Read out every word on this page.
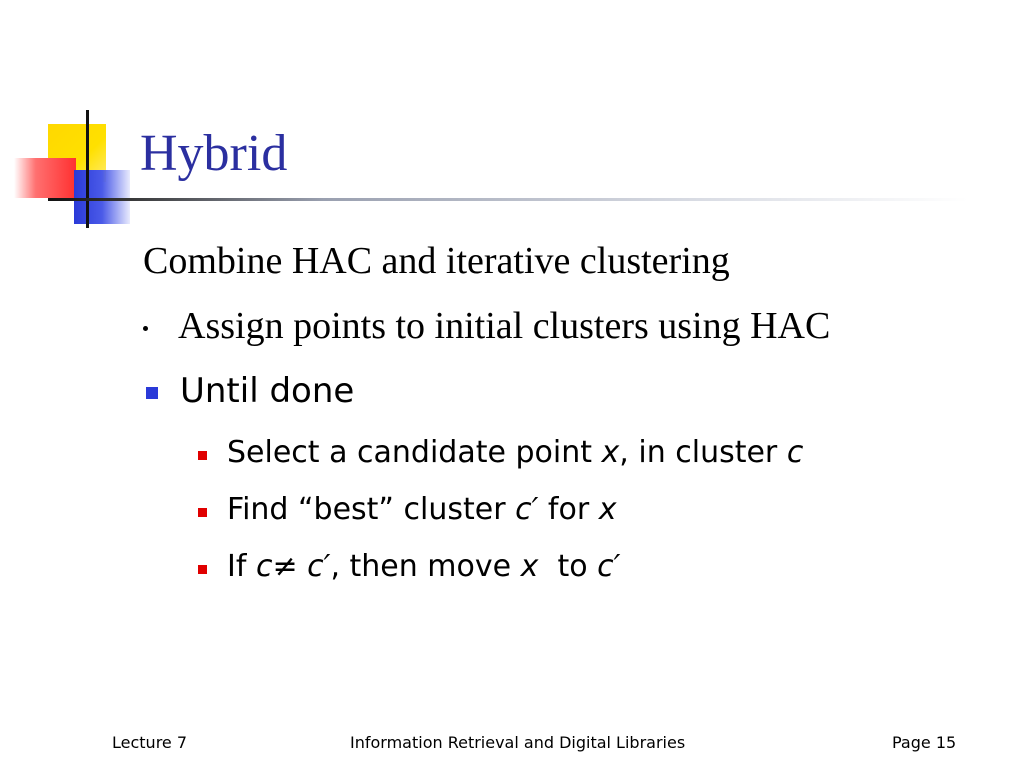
Hybrid
Combine HAC and iterative clustering
Assign points to initial clusters using HAC
Until done
Select a candidate point x , in cluster c
Find “best” cluster c′ for x
If c ≠ c′ , then move x to c′
Lecture 7	Information Retrieval and Digital Libraries	Page 15
